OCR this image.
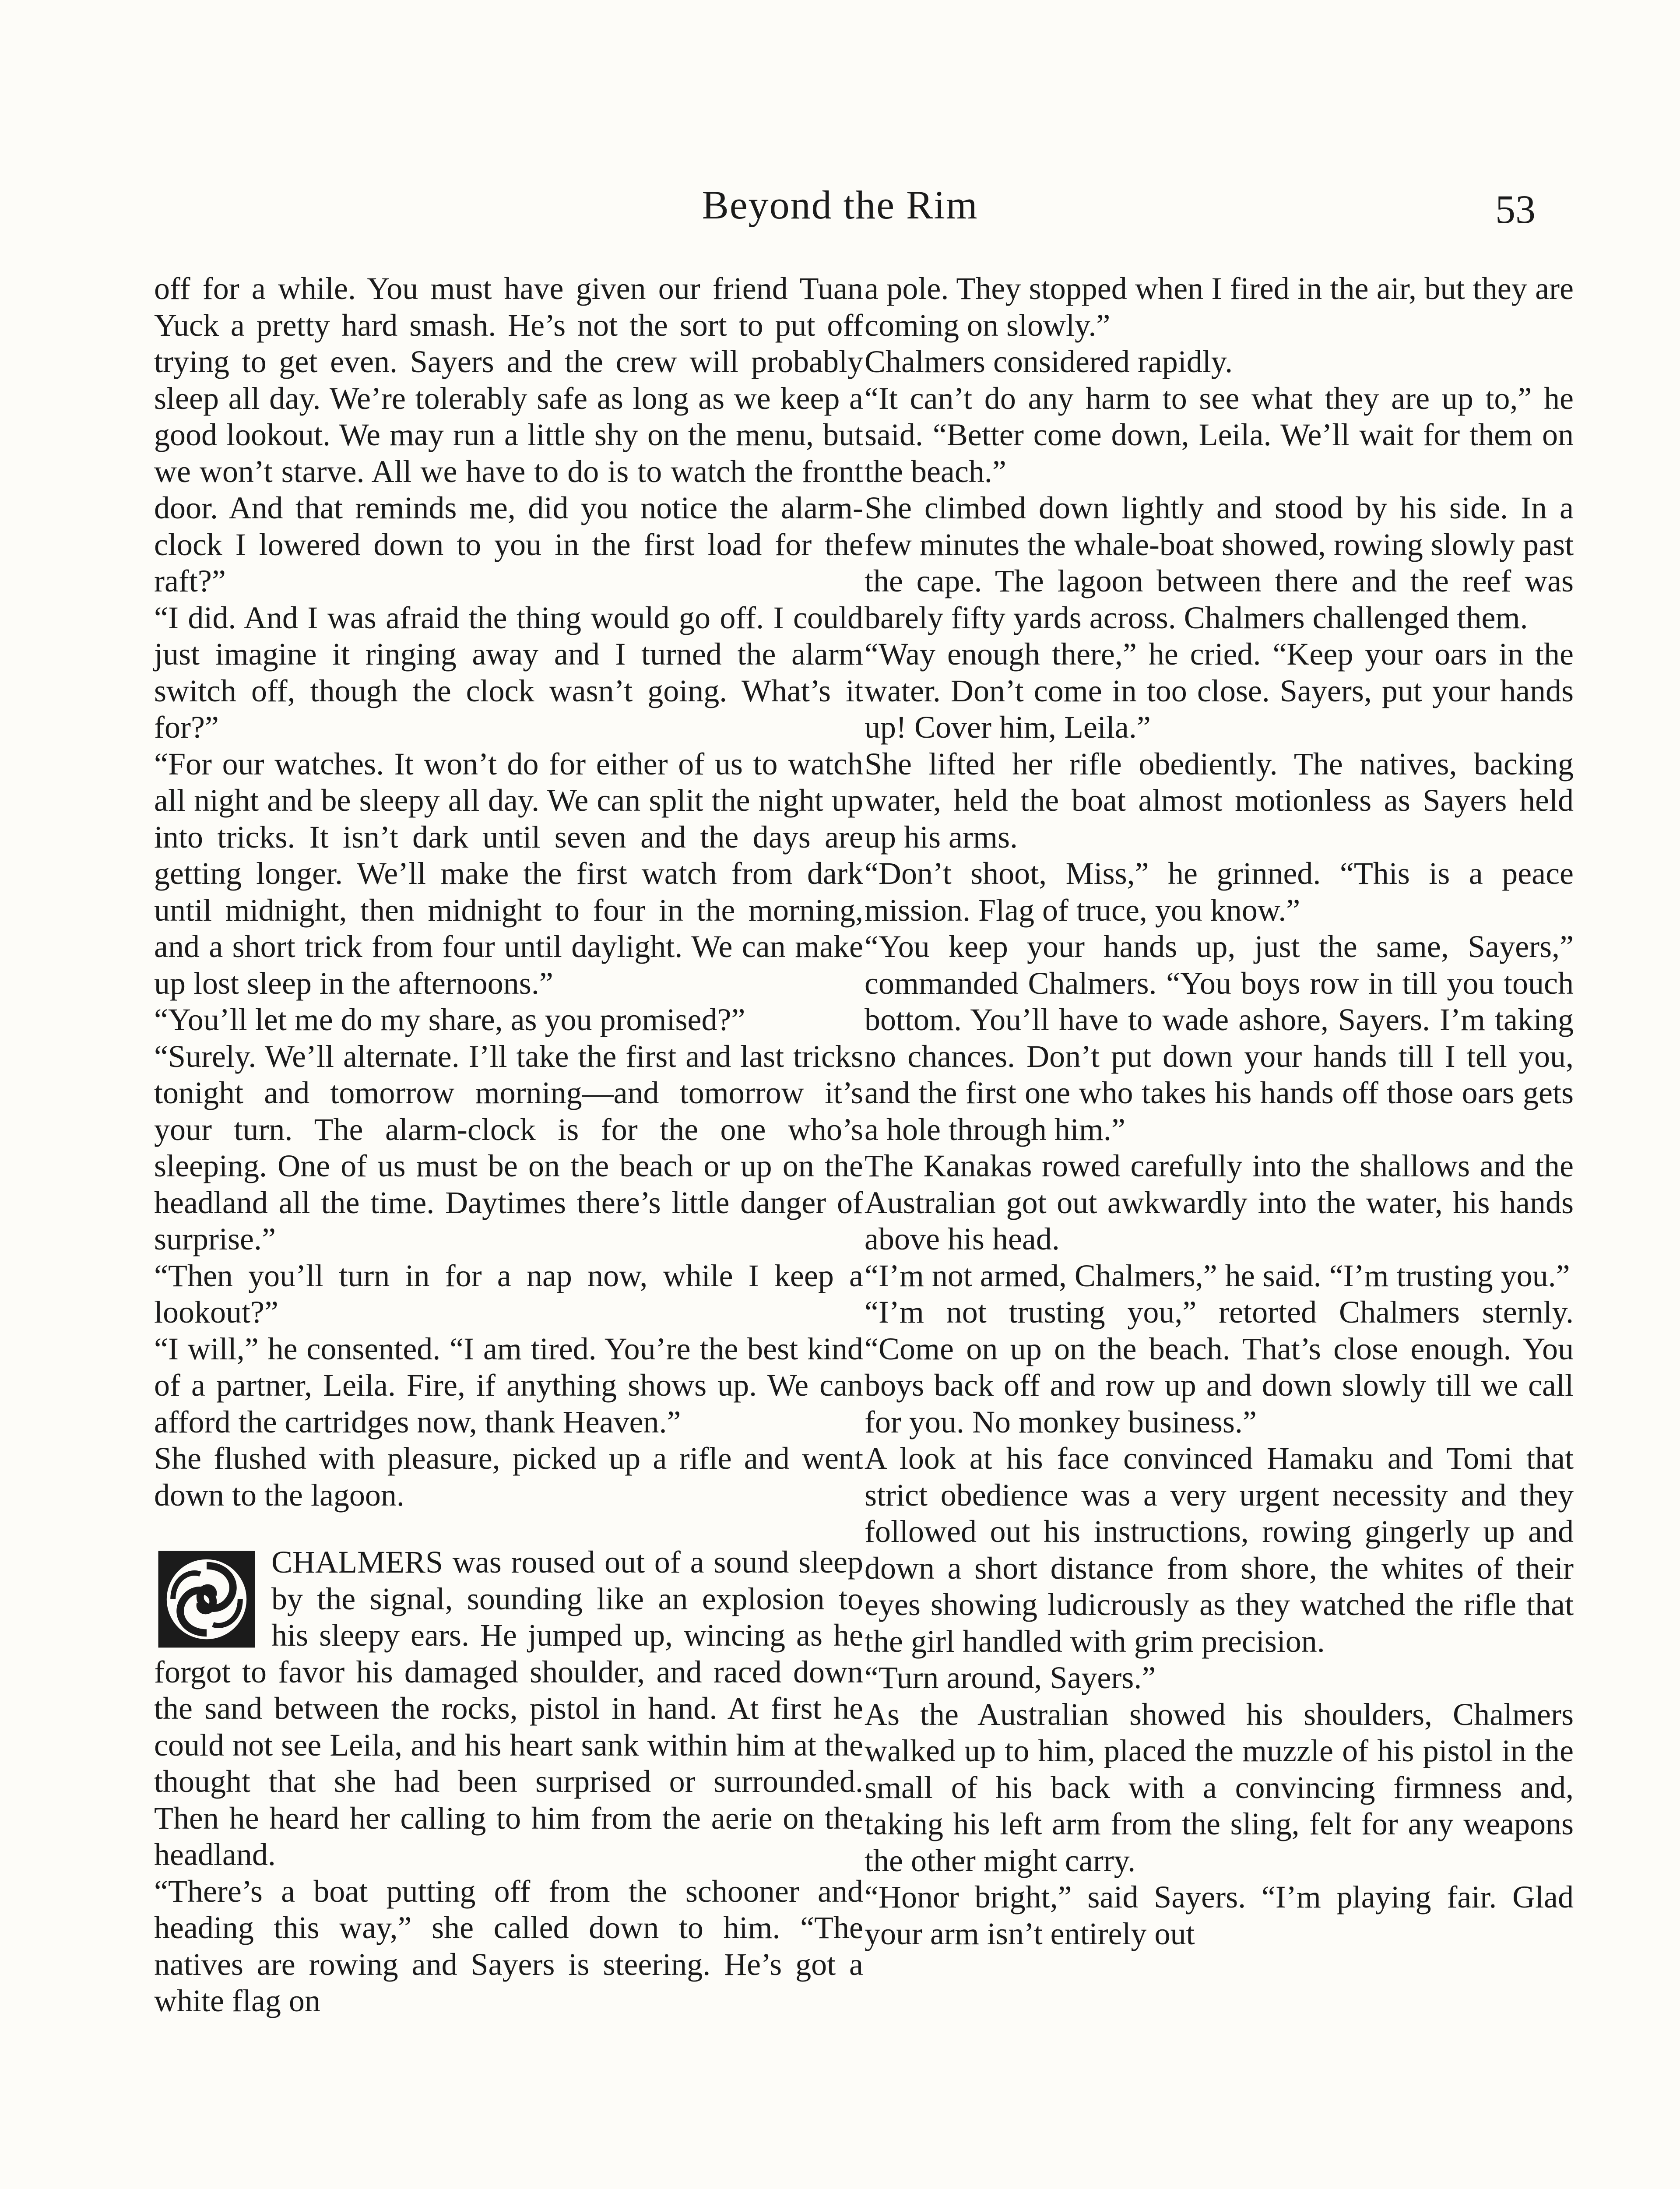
Beyond the Rim	53

off for a while. You must have given our friend Tuan Yuck a pretty hard smash. He’s not the sort to put off trying to get even. Sayers and the crew will probably sleep all day. We’re tolerably safe as long as we keep a good lookout. We may run a little shy on the menu, but we won’t starve. All we have to do is to watch the front door. And that reminds me, did you notice the alarm-clock I lowered down to you in the first load for the raft?”

“I did. And I was afraid the thing would go off. I could just imagine it ringing away and I turned the alarm switch off, though the clock wasn’t going. What’s it for?”

“For our watches. It won’t do for either of us to watch all night and be sleepy all day. We can split the night up into tricks. It isn’t dark until seven and the days are getting longer. We’ll make the first watch from dark until midnight, then midnight to four in the morning, and a short trick from four until daylight. We can make up lost sleep in the afternoons.”

“You’ll let me do my share, as you promised?”

“Surely. We’ll alternate. I’ll take the first and last tricks tonight and tomorrow morning—and tomorrow it’s your turn. The alarm-clock is for the one who’s sleeping. One of us must be on the beach or up on the headland all the time. Daytimes there’s little danger of surprise.”

“Then you’ll turn in for a nap now, while I keep a lookout?”

“I will,” he consented. “I am tired. You’re the best kind of a partner, Leila. Fire, if anything shows up. We can afford the cartridges now, thank Heaven.”

She flushed with pleasure, picked up a rifle and went down to the lagoon.

CHALMERS was roused out of a sound sleep by the signal, sounding like an explosion to his sleepy ears. He jumped up, wincing as he forgot to favor his damaged shoulder, and raced down the sand between the rocks, pistol in hand. At first he could not see Leila, and his heart sank within him at the thought that she had been surprised or surrounded. Then he heard her calling to him from the aerie on the headland.

“There’s a boat putting off from the schooner and heading this way,” she called down to him. “The natives are rowing and Sayers is steering. He’s got a white flag on

a pole. They stopped when I fired in the air, but they are coming on slowly.”

Chalmers considered rapidly.

“It can’t do any harm to see what they are up to,” he said. “Better come down, Leila. We’ll wait for them on the beach.”

She climbed down lightly and stood by his side. In a few minutes the whale-boat showed, rowing slowly past the cape. The lagoon between there and the reef was barely fifty yards across. Chalmers challenged them.

“Way enough there,” he cried. “Keep your oars in the water. Don’t come in too close. Sayers, put your hands up! Cover him, Leila.”

She lifted her rifle obediently. The natives, backing water, held the boat almost motionless as Sayers held up his arms.

“Don’t shoot, Miss,” he grinned. “This is a peace mission. Flag of truce, you know.”

“You keep your hands up, just the same, Sayers,” commanded Chalmers. “You boys row in till you touch bottom. You’ll have to wade ashore, Sayers. I’m taking no chances. Don’t put down your hands till I tell you, and the first one who takes his hands off those oars gets a hole through him.”

The Kanakas rowed carefully into the shallows and the Australian got out awkwardly into the water, his hands above his head.

“I’m not armed, Chalmers,” he said. “I’m trusting you.”

“I’m not trusting you,” retorted Chalmers sternly. “Come on up on the beach. That’s close enough. You boys back off and row up and down slowly till we call for you. No monkey business.”

A look at his face convinced Hamaku and Tomi that strict obedience was a very urgent necessity and they followed out his instructions, rowing gingerly up and down a short distance from shore, the whites of their eyes showing ludicrously as they watched the rifle that the girl handled with grim precision.

“Turn around, Sayers.”

As the Australian showed his shoulders, Chalmers walked up to him, placed the muzzle of his pistol in the small of his back with a convincing firmness and, taking his left arm from the sling, felt for any weapons the other might carry.

“Honor bright,” said Sayers. “I’m playing fair. Glad your arm isn’t entirely out
